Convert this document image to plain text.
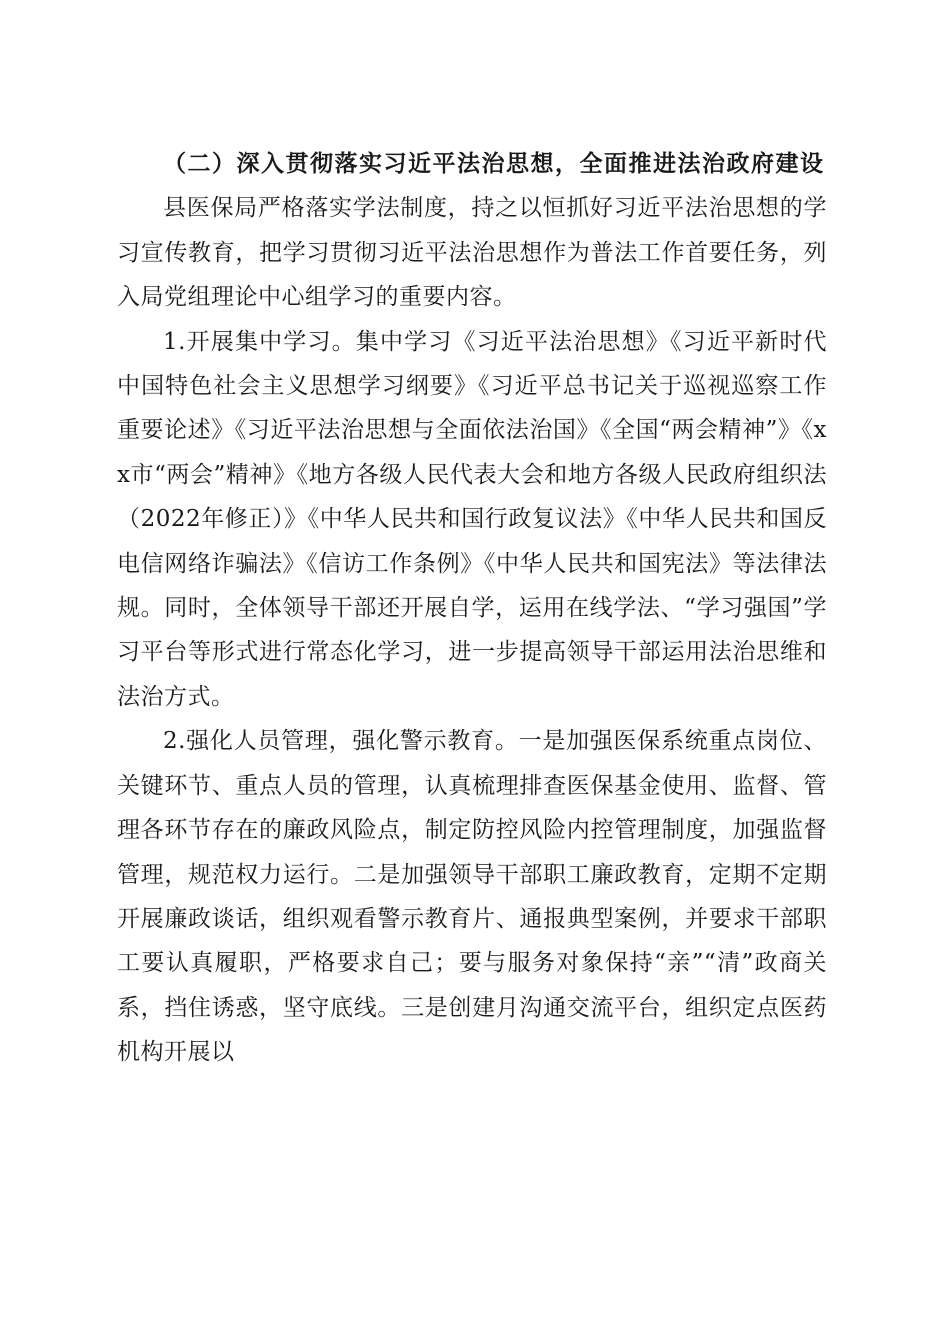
（二）深入贯彻落实习近平法治思想，全面推进法治政府建设

县医保局严格落实学法制度，持之以恒抓好习近平法治思想的学习宣传教育，把学习贯彻习近平法治思想作为普法工作首要任务，列入局党组理论中心组学习的重要内容。

1.开展集中学习。集中学习《习近平法治思想》《习近平新时代中国特色社会主义思想学习纲要》《习近平总书记关于巡视巡察工作重要论述》《习近平法治思想与全面依法治国》《全国“两会精神”》《xx市“两会”精神》《地方各级人民代表大会和地方各级人民政府组织法（2022年修正）》《中华人民共和国行政复议法》《中华人民共和国反电信网络诈骗法》《信访工作条例》《中华人民共和国宪法》等法律法规。同时，全体领导干部还开展自学，运用在线学法、“学习强国”学习平台等形式进行常态化学习，进一步提高领导干部运用法治思维和法治方式。

2.强化人员管理，强化警示教育。一是加强医保系统重点岗位、关键环节、重点人员的管理，认真梳理排查医保基金使用、监督、管理各环节存在的廉政风险点，制定防控风险内控管理制度，加强监督管理，规范权力运行。二是加强领导干部职工廉政教育，定期不定期开展廉政谈话，组织观看警示教育片、通报典型案例，并要求干部职工要认真履职，严格要求自己；要与服务对象保持“亲”“清”政商关系，挡住诱惑，坚守底线。三是创建月沟通交流平台，组织定点医药机构开展以
